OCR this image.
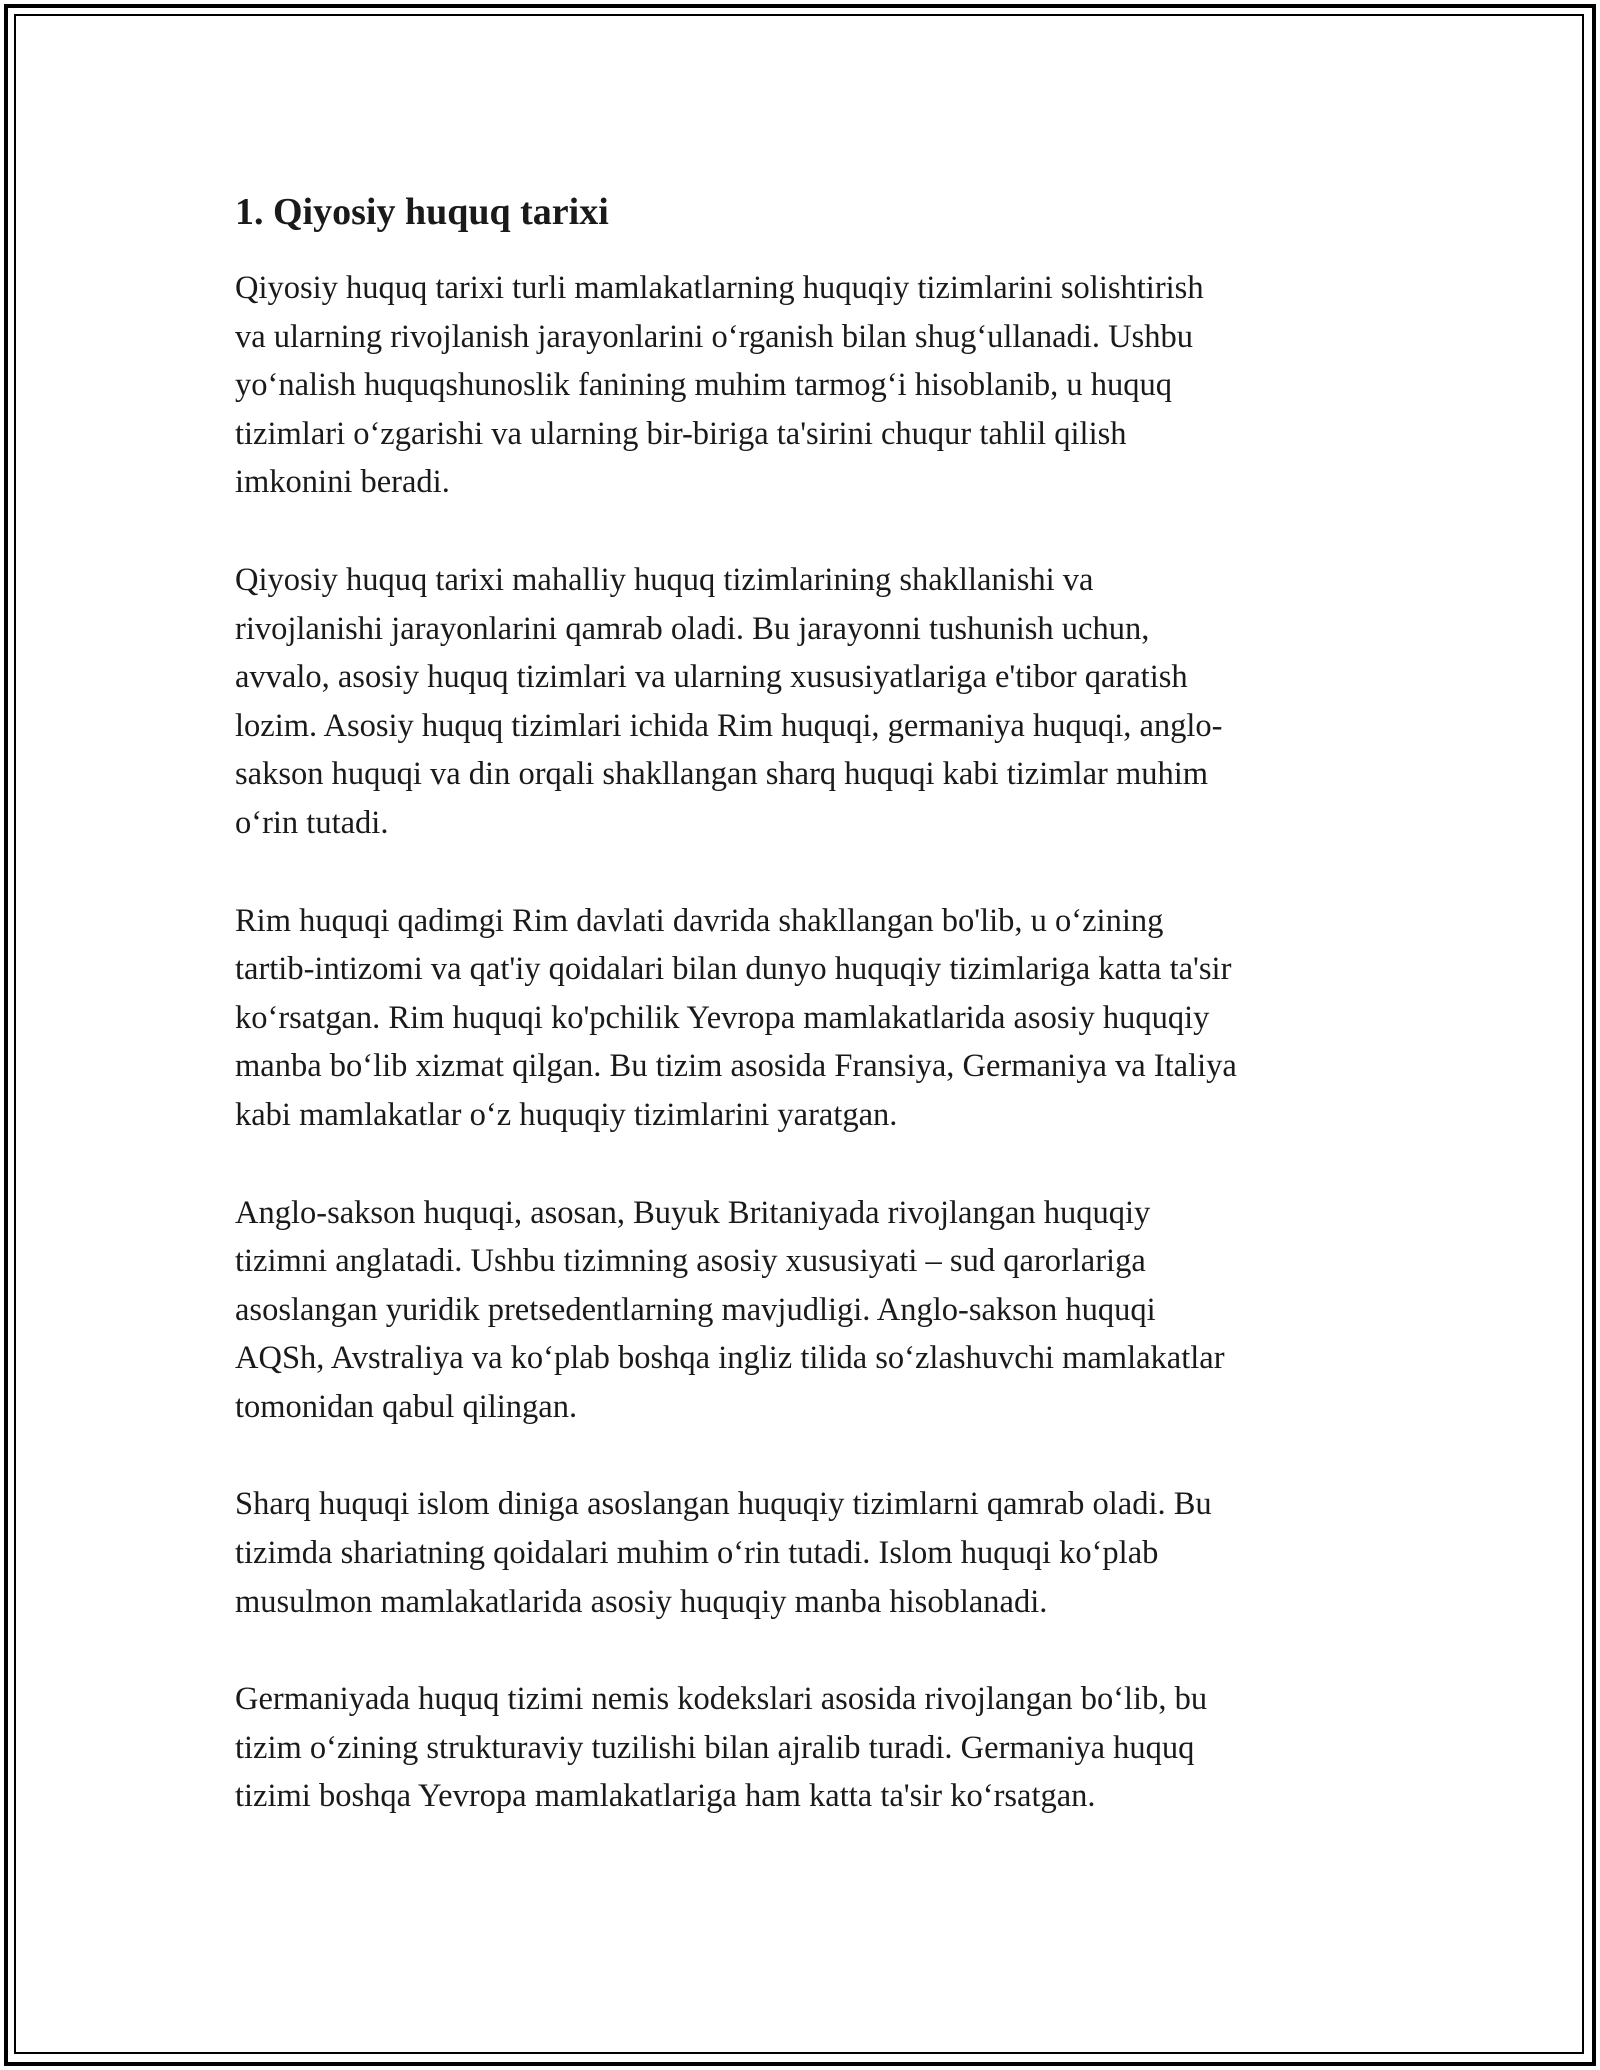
1. Qiyosiy huquq tarixi

Qiyosiy huquq tarixi turli mamlakatlarning huquqiy tizimlarini solishtirish
va ularning rivojlanish jarayonlarini oʻrganish bilan shugʻullanadi. Ushbu
yoʻnalish huquqshunoslik fanining muhim tarmogʻi hisoblanib, u huquq
tizimlari oʻzgarishi va ularning bir-biriga ta'sirini chuqur tahlil qilish
imkonini beradi.

Qiyosiy huquq tarixi mahalliy huquq tizimlarining shakllanishi va
rivojlanishi jarayonlarini qamrab oladi. Bu jarayonni tushunish uchun,
avvalo, asosiy huquq tizimlari va ularning xususiyatlariga e'tibor qaratish
lozim. Asosiy huquq tizimlari ichida Rim huquqi, germaniya huquqi, anglo-
sakson huquqi va din orqali shakllangan sharq huquqi kabi tizimlar muhim
oʻrin tutadi.

Rim huquqi qadimgi Rim davlati davrida shakllangan bo'lib, u oʻzining
tartib-intizomi va qat'iy qoidalari bilan dunyo huquqiy tizimlariga katta ta'sir
koʻrsatgan. Rim huquqi ko'pchilik Yevropa mamlakatlarida asosiy huquqiy
manba boʻlib xizmat qilgan. Bu tizim asosida Fransiya, Germaniya va Italiya
kabi mamlakatlar oʻz huquqiy tizimlarini yaratgan.

Anglo-sakson huquqi, asosan, Buyuk Britaniyada rivojlangan huquqiy
tizimni anglatadi. Ushbu tizimning asosiy xususiyati – sud qarorlariga
asoslangan yuridik pretsedentlarning mavjudligi. Anglo-sakson huquqi
AQSh, Avstraliya va koʻplab boshqa ingliz tilida soʻzlashuvchi mamlakatlar
tomonidan qabul qilingan.

Sharq huquqi islom diniga asoslangan huquqiy tizimlarni qamrab oladi. Bu
tizimda shariatning qoidalari muhim oʻrin tutadi. Islom huquqi koʻplab
musulmon mamlakatlarida asosiy huquqiy manba hisoblanadi.

Germaniyada huquq tizimi nemis kodekslari asosida rivojlangan boʻlib, bu
tizim oʻzining strukturaviy tuzilishi bilan ajralib turadi. Germaniya huquq
tizimi boshqa Yevropa mamlakatlariga ham katta ta'sir koʻrsatgan.
